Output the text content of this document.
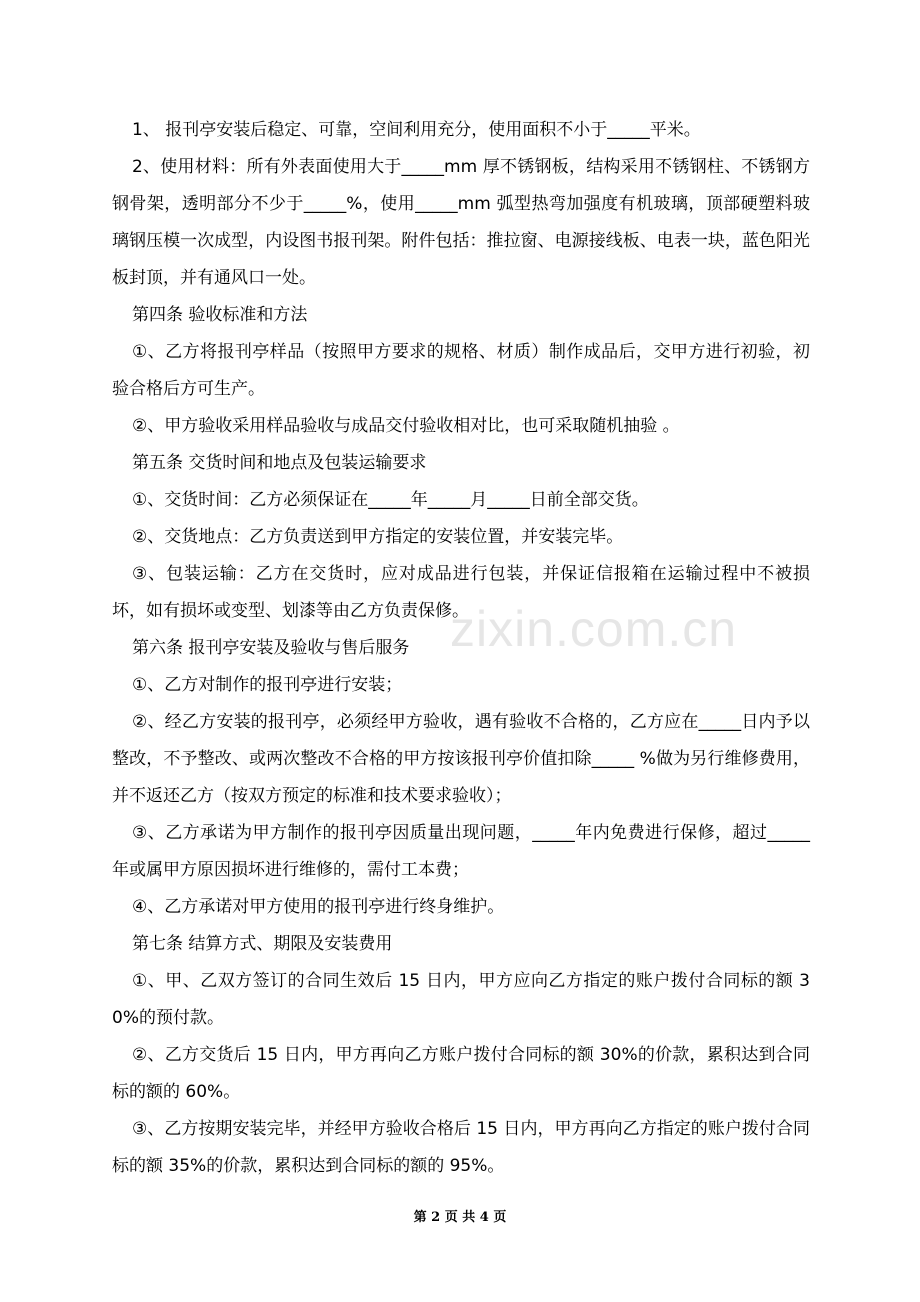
zixin.com.cn

1、 报刊亭安装后稳定、可靠，空间利用充分，使用面积不小于_____平米。

2、使用材料：所有外表面使用大于_____mm 厚不锈钢板，结构采用不锈钢柱、不锈钢方钢骨架，透明部分不少于_____%，使用_____mm 弧型热弯加强度有机玻璃，顶部硬塑料玻璃钢压模一次成型，内设图书报刊架。附件包括：推拉窗、电源接线板、电表一块，蓝色阳光板封顶，并有通风口一处。

第四条 验收标准和方法

①、乙方将报刊亭样品（按照甲方要求的规格、材质）制作成品后，交甲方进行初验，初验合格后方可生产。

②、甲方验收采用样品验收与成品交付验收相对比，也可采取随机抽验 。

第五条 交货时间和地点及包装运输要求

①、交货时间：乙方必须保证在_____年_____月_____日前全部交货。

②、交货地点：乙方负责送到甲方指定的安装位置，并安装完毕。

③、包装运输：乙方在交货时，应对成品进行包装，并保证信报箱在运输过程中不被损坏，如有损坏或变型、划漆等由乙方负责保修。

第六条 报刊亭安装及验收与售后服务

①、乙方对制作的报刊亭进行安装；

②、经乙方安装的报刊亭，必须经甲方验收，遇有验收不合格的，乙方应在_____日内予以整改，不予整改、或两次整改不合格的甲方按该报刊亭价值扣除_____ %做为另行维修费用，并不返还乙方（按双方预定的标准和技术要求验收）；

③、乙方承诺为甲方制作的报刊亭因质量出现问题，_____年内免费进行保修，超过_____年或属甲方原因损坏进行维修的，需付工本费；

④、乙方承诺对甲方使用的报刊亭进行终身维护。

第七条 结算方式、期限及安装费用

①、甲、乙双方签订的合同生效后 15 日内，甲方应向乙方指定的账户拨付合同标的额 30%的预付款。

②、乙方交货后 15 日内，甲方再向乙方账户拨付合同标的额 30%的价款，累积达到合同标的额的 60%。

③、乙方按期安装完毕，并经甲方验收合格后 15 日内，甲方再向乙方指定的账户拨付合同标的额 35%的价款，累积达到合同标的额的 95%。

第 2 页 共 4 页
